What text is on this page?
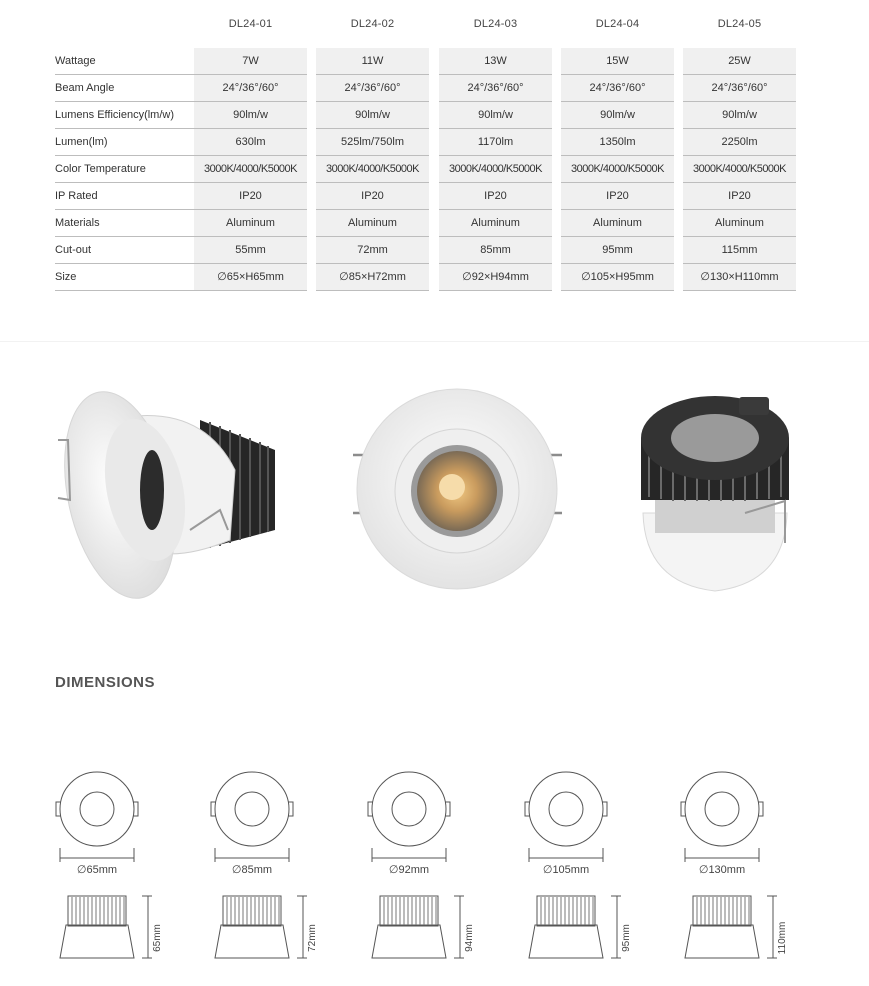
DL24-01	DL24-02	DL24-03	DL24-04	DL24-05
Wattage	7W	11W	13W	15W	25W
Beam Angle	24°/36°/60°	24°/36°/60°	24°/36°/60°	24°/36°/60°	24°/36°/60°
Lumens Efficiency(lm/w)	90lm/w	90lm/w	90lm/w	90lm/w	90lm/w
Lumen(lm)	630lm	525lm/750lm	1170lm	1350lm	2250lm
Color Temperature	3000K/4000/K5000K	3000K/4000/K5000K	3000K/4000/K5000K	3000K/4000/K5000K	3000K/4000/K5000K
IP Rated	IP20	IP20	IP20	IP20	IP20
Materials	Aluminum	Aluminum	Aluminum	Aluminum	Aluminum
Cut-out	55mm	72mm	85mm	95mm	115mm
Size	∅65×H65mm	∅85×H72mm	∅92×H94mm	∅105×H95mm	∅130×H110mm
DIMENSIONS
∅65mm
65mm
∅85mm
72mm
∅92mm
94mm
∅105mm
95mm
∅130mm
110mm
